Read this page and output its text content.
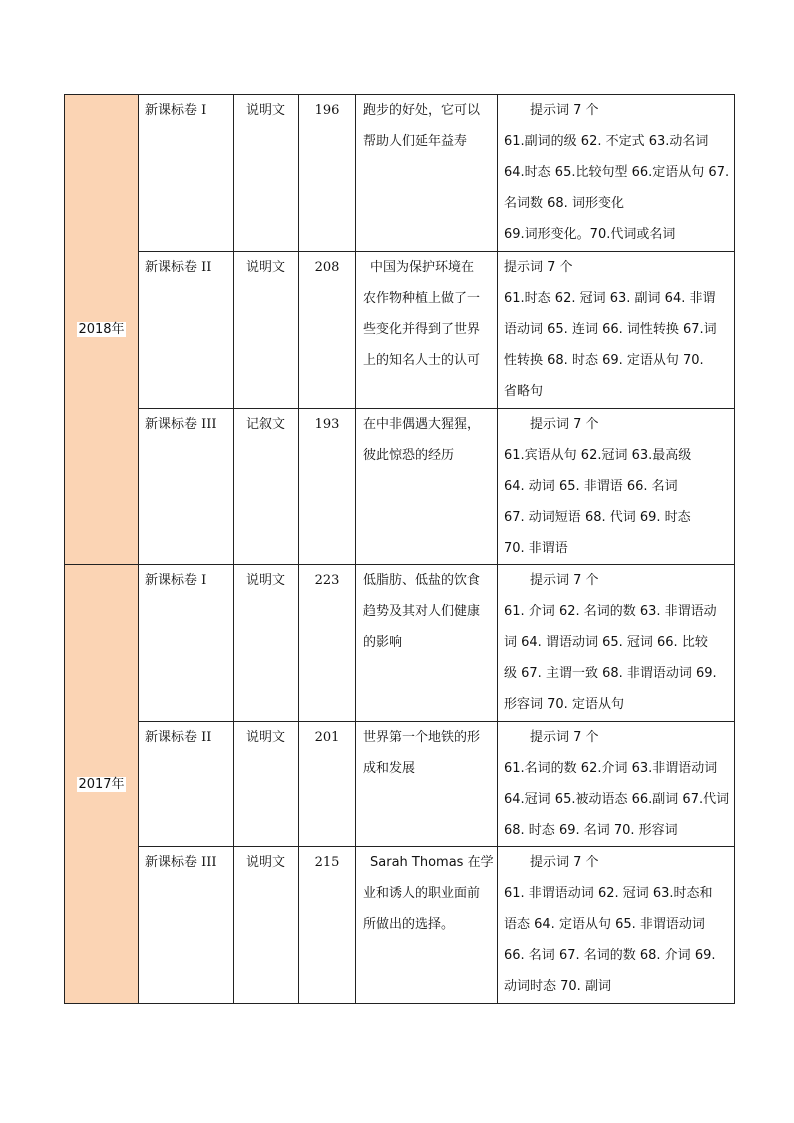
2018年	新课标卷 I	说明文	196	跑步的好处，它可以
帮助人们延年益寿	提示词 7 个
61.副词的级 62. 不定式 63.动名词
64.时态 65.比较句型 66.定语从句 67.
名词数 68. 词形变化
69.词形变化。70.代词或名词

	新课标卷 II	说明文	208	中国为保护环境在
农作物种植上做了一
些变化并得到了世界
上的知名人士的认可	提示词 7 个
61.时态 62. 冠词 63. 副词 64. 非谓
语动词 65. 连词 66. 词性转换 67.词
性转换 68. 时态 69. 定语从句 70.
省略句

	新课标卷 III	记叙文	193	在中非偶遇大猩猩，
彼此惊恐的经历	提示词 7 个
61.宾语从句 62.冠词 63.最高级
64. 动词 65. 非谓语 66. 名词
67. 动词短语 68. 代词 69. 时态
70. 非谓语

2017年	新课标卷 I	说明文	223	低脂肪、低盐的饮食
趋势及其对人们健康
的影响	提示词 7 个
61. 介词 62. 名词的数 63. 非谓语动
词 64. 谓语动词 65. 冠词 66. 比较
级 67. 主谓一致 68. 非谓语动词 69.
形容词 70. 定语从句

	新课标卷 II	说明文	201	世界第一个地铁的形
成和发展	提示词 7 个
61.名词的数 62.介词 63.非谓语动词
64.冠词 65.被动语态 66.副词 67.代词
68. 时态 69. 名词 70. 形容词

	新课标卷 III	说明文	215	Sarah Thomas 在学
业和诱人的职业面前
所做出的选择。	提示词 7 个
61. 非谓语动词 62. 冠词 63.时态和
语态 64. 定语从句 65. 非谓语动词
66. 名词 67. 名词的数 68. 介词 69.
动词时态 70. 副词
